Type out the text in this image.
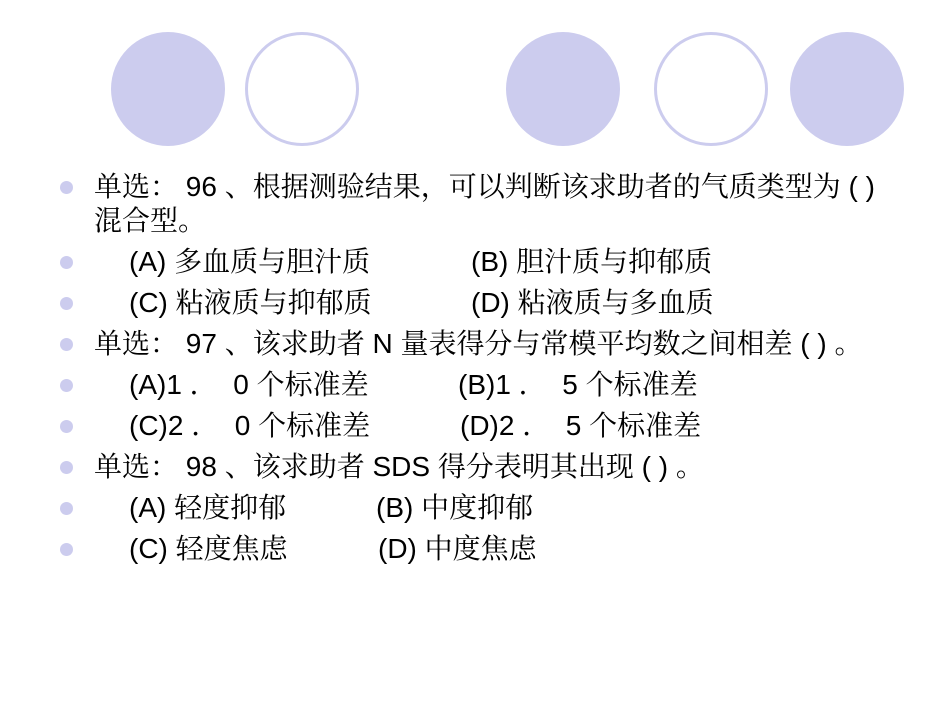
单选： 96 、根据测验结果，可以判断该求助者的气质类型为 ( ) 混合型。
(A) 多血质与胆汁质	(B) 胆汁质与抑郁质
(C) 粘液质与抑郁质	(D) 粘液质与多血质
单选： 97 、该求助者 N 量表得分与常模平均数之间相差 ( ) 。
(A)1 ．  0 个标准差	(B)1 ．  5 个标准差
(C)2 ．  0 个标准差	(D)2 ．  5 个标准差
单选： 98 、该求助者 SDS 得分表明其出现 ( ) 。
(A) 轻度抑郁	(B) 中度抑郁
(C) 轻度焦虑	(D) 中度焦虑
